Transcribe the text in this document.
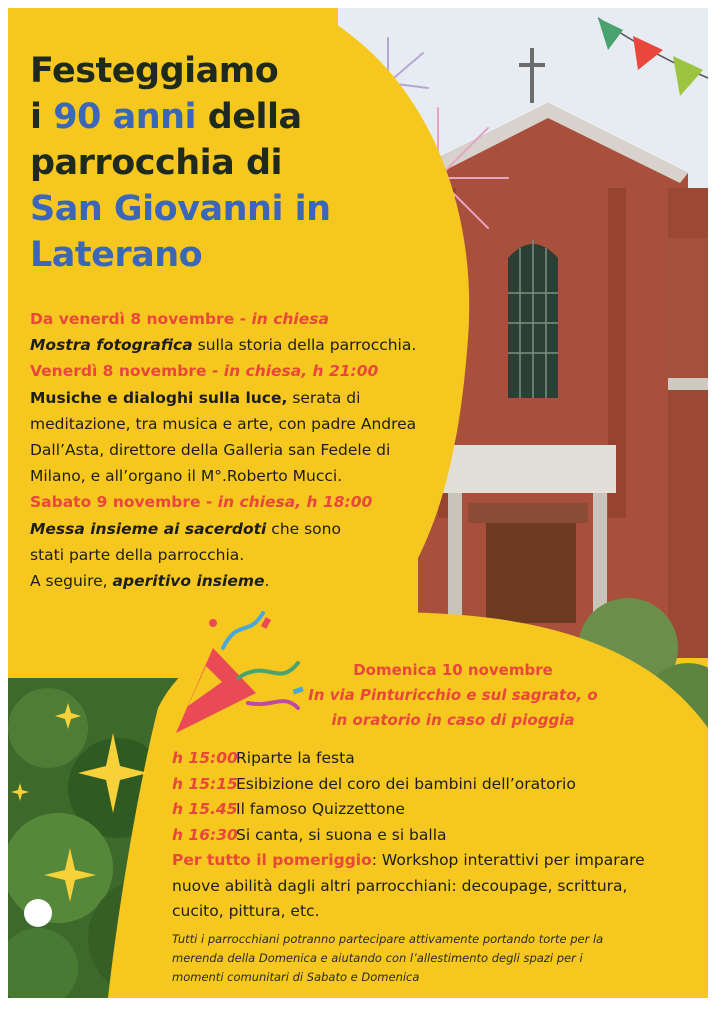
Festeggiamo
i 90 anni della
parrocchia di
San Giovanni in
Laterano
Da venerdì 8 novembre - in chiesa
Mostra fotografica sulla storia della parrocchia.
Venerdì 8 novembre - in chiesa, h 21:00
Musiche e dialoghi sulla luce, serata di
meditazione, tra musica e arte, con padre Andrea
Dall’Asta, direttore della Galleria san Fedele di
Milano, e all’organo il M°.Roberto Mucci.
Sabato 9 novembre - in chiesa, h 18:00
Messa insieme ai sacerdoti che sono
stati parte della parrocchia.
A seguire, aperitivo insieme.
Domenica 10 novembre
In via Pinturicchio e sul sagrato, o
in oratorio in caso di pioggia
h 15:00Riparte la festa
h 15:15Esibizione del coro dei bambini dell’oratorio
h 15.45Il famoso Quizzettone
h 16:30Si canta, si suona e si balla
Per tutto il pomeriggio: Workshop interattivi per imparare
nuove abilità dagli altri parrocchiani: decoupage, scrittura,
cucito, pittura, etc.
Tutti i parrocchiani potranno partecipare attivamente portando torte per la
merenda della Domenica e aiutando con l’allestimento degli spazi per i
momenti comunitari di Sabato e Domenica
